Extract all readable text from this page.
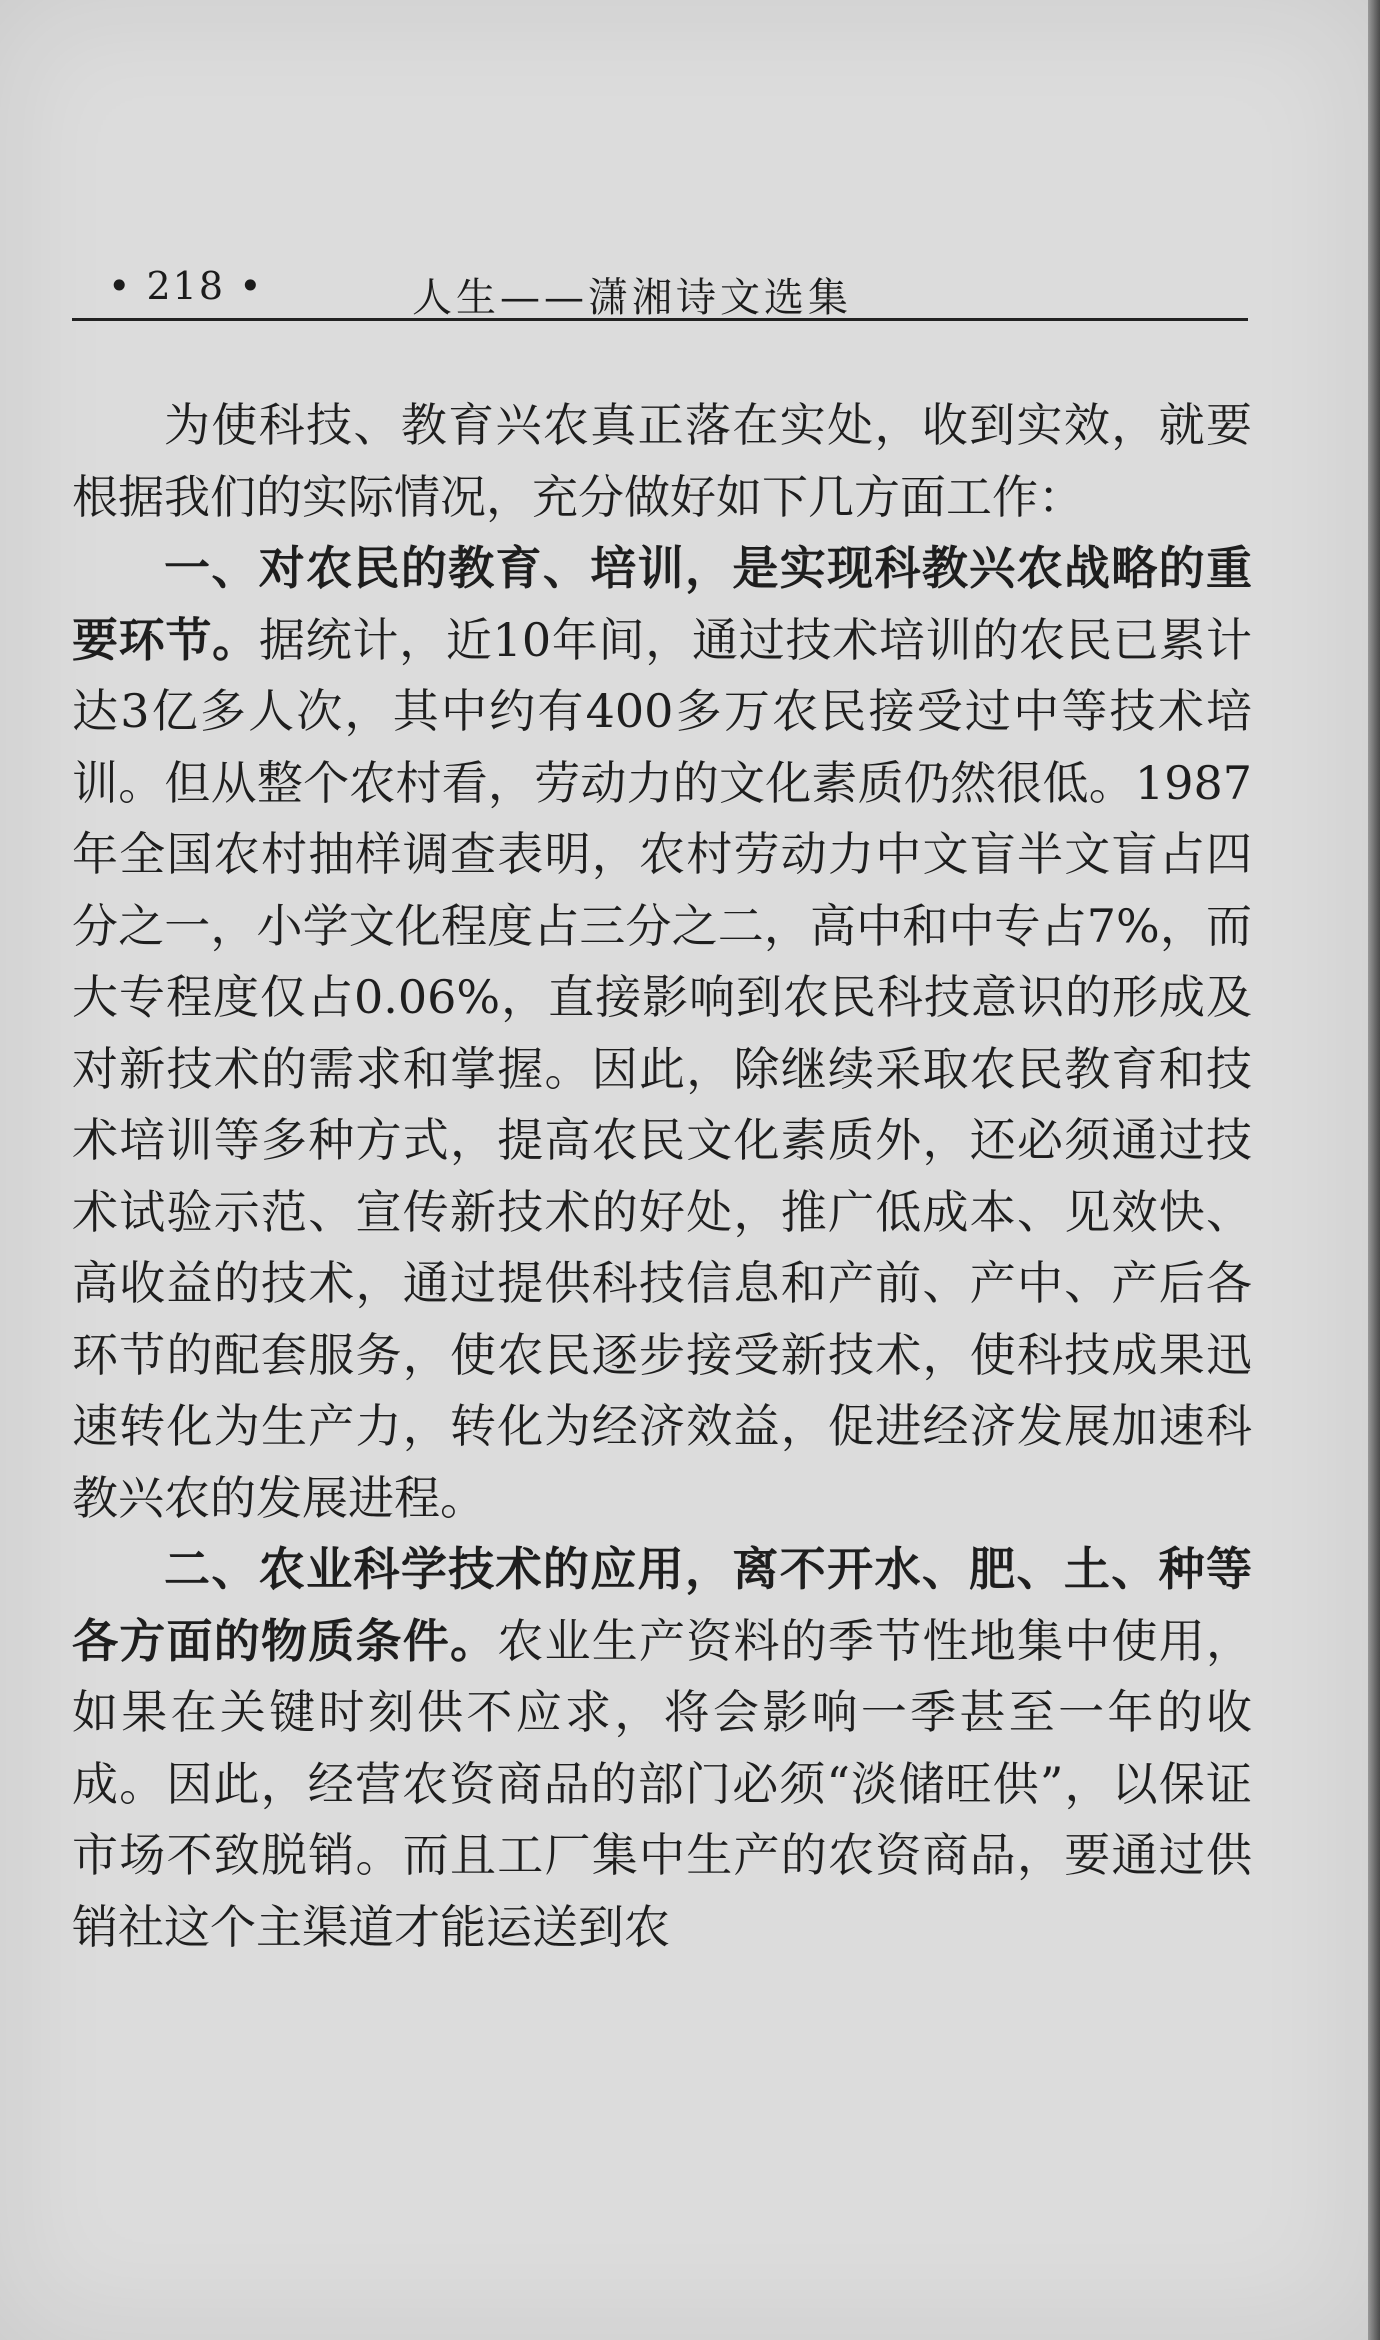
• 218 •	人生——潇湘诗文选集

为使科技、教育兴农真正落在实处，收到实效，就要根据我们的实际情况，充分做好如下几方面工作：

一、对农民的教育、培训，是实现科教兴农战略的重要环节。据统计，近10年间，通过技术培训的农民已累计达3亿多人次，其中约有400多万农民接受过中等技术培训。但从整个农村看，劳动力的文化素质仍然很低。1987年全国农村抽样调查表明，农村劳动力中文盲半文盲占四分之一，小学文化程度占三分之二，高中和中专占7%，而大专程度仅占0.06%，直接影响到农民科技意识的形成及对新技术的需求和掌握。因此，除继续采取农民教育和技术培训等多种方式，提高农民文化素质外，还必须通过技术试验示范、宣传新技术的好处，推广低成本、见效快、高收益的技术，通过提供科技信息和产前、产中、产后各环节的配套服务，使农民逐步接受新技术，使科技成果迅速转化为生产力，转化为经济效益，促进经济发展加速科教兴农的发展进程。

二、农业科学技术的应用，离不开水、肥、土、种等各方面的物质条件。农业生产资料的季节性地集中使用，如果在关键时刻供不应求，将会影响一季甚至一年的收成。因此，经营农资商品的部门必须“淡储旺供”，以保证市场不致脱销。而且工厂集中生产的农资商品，要通过供销社这个主渠道才能运送到农
